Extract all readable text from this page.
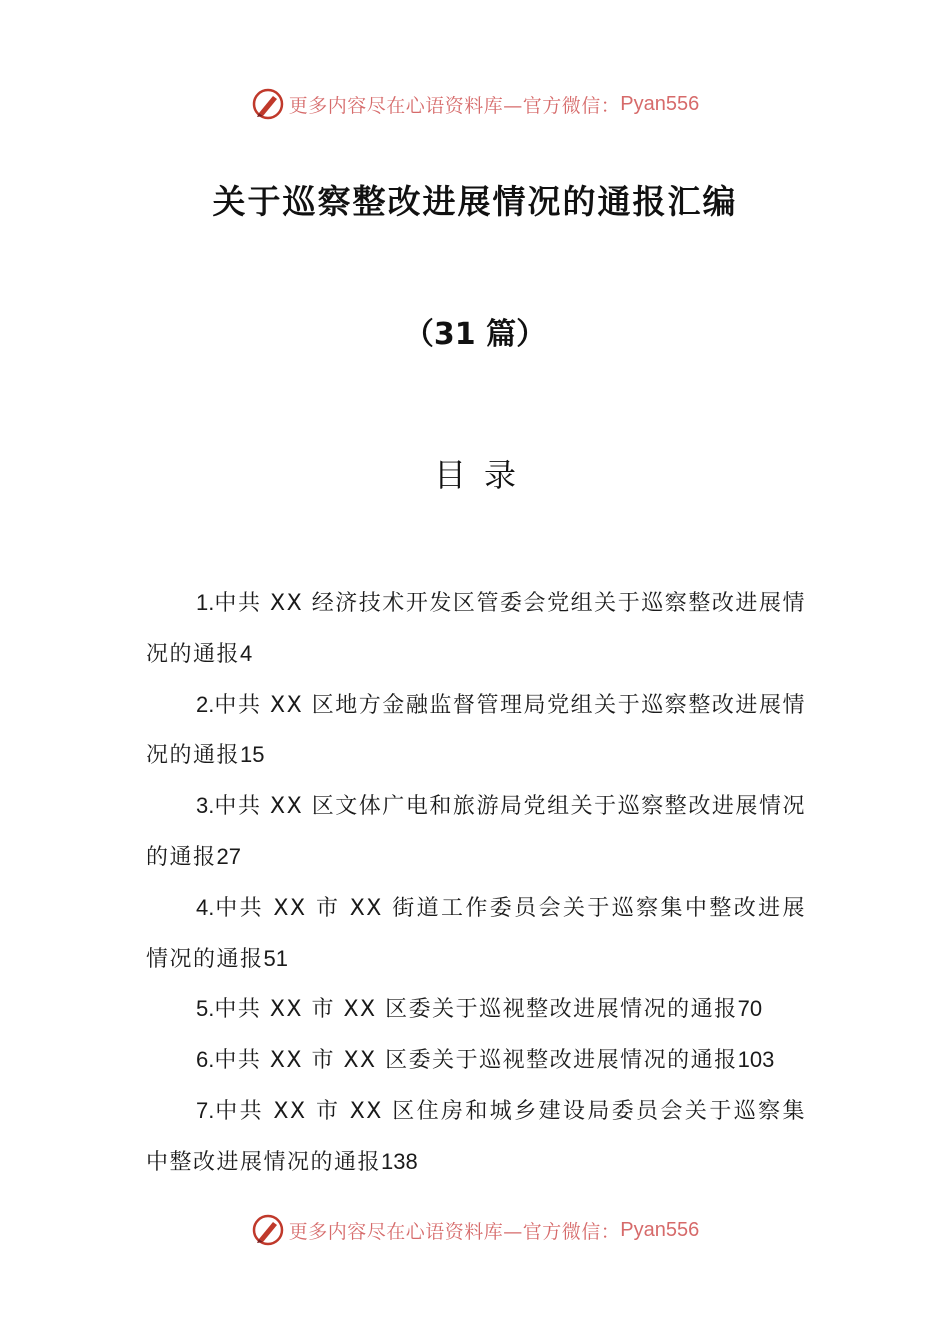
更多内容尽在心语资料库—官方微信： Pyan556
关于巡察整改进展情况的通报汇编
（31 篇）
目录
1.中共 XX 经济技术开发区管委会党组关于巡察整改进展情况的通报4
2.中共 XX 区地方金融监督管理局党组关于巡察整改进展情况的通报15
3.中共 XX 区文体广电和旅游局党组关于巡察整改进展情况的通报27
4.中共 XX 市 XX 街道工作委员会关于巡察集中整改进展情况的通报51
5.中共 XX 市 XX 区委关于巡视整改进展情况的通报70
6.中共 XX 市 XX 区委关于巡视整改进展情况的通报103
7.中共 XX 市 XX 区住房和城乡建设局委员会关于巡察集中整改进展情况的通报138
更多内容尽在心语资料库—官方微信： Pyan556
